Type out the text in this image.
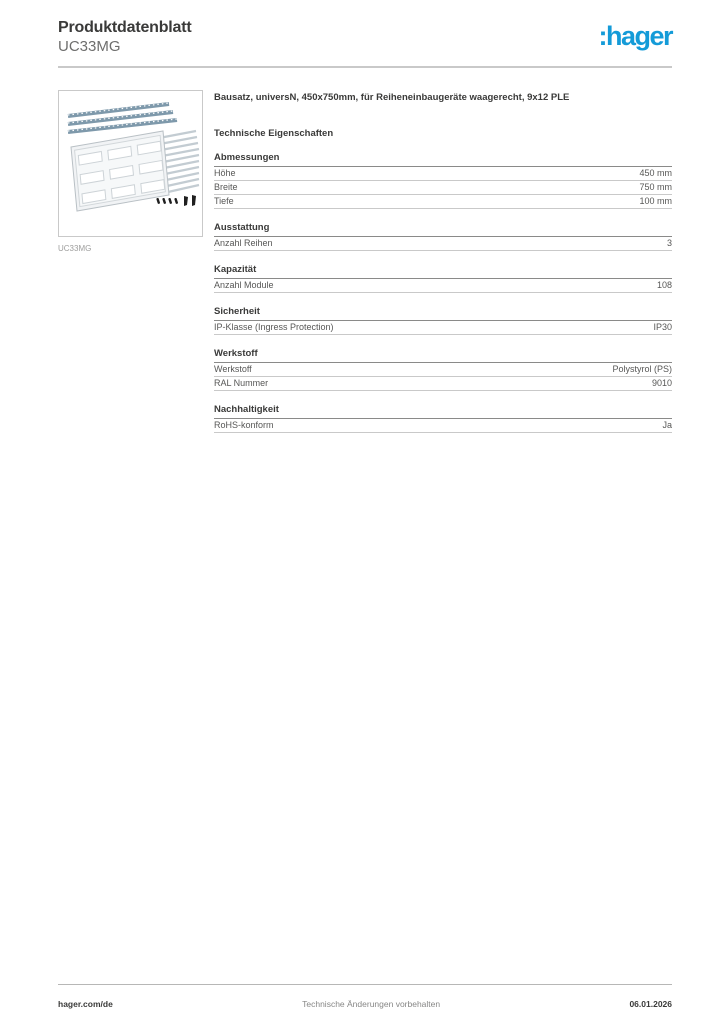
Produktdatenblatt
UC33MG	:hager
UC33MG
Bausatz, universN, 450x750mm, für Reiheneinbaugeräte waagerecht, 9x12 PLE
Technische Eigenschaften
Abmessungen
Höhe	450 mm
Breite	750 mm
Tiefe	100 mm
Ausstattung
Anzahl Reihen	3
Kapazität
Anzahl Module	108
Sicherheit
IP-Klasse (Ingress Protection)	IP30
Werkstoff
Werkstoff	Polystyrol (PS)
RAL Nummer	9010
Nachhaltigkeit
RoHS-konform	Ja
hager.com/de	Technische Änderungen vorbehalten	06.01.2026
